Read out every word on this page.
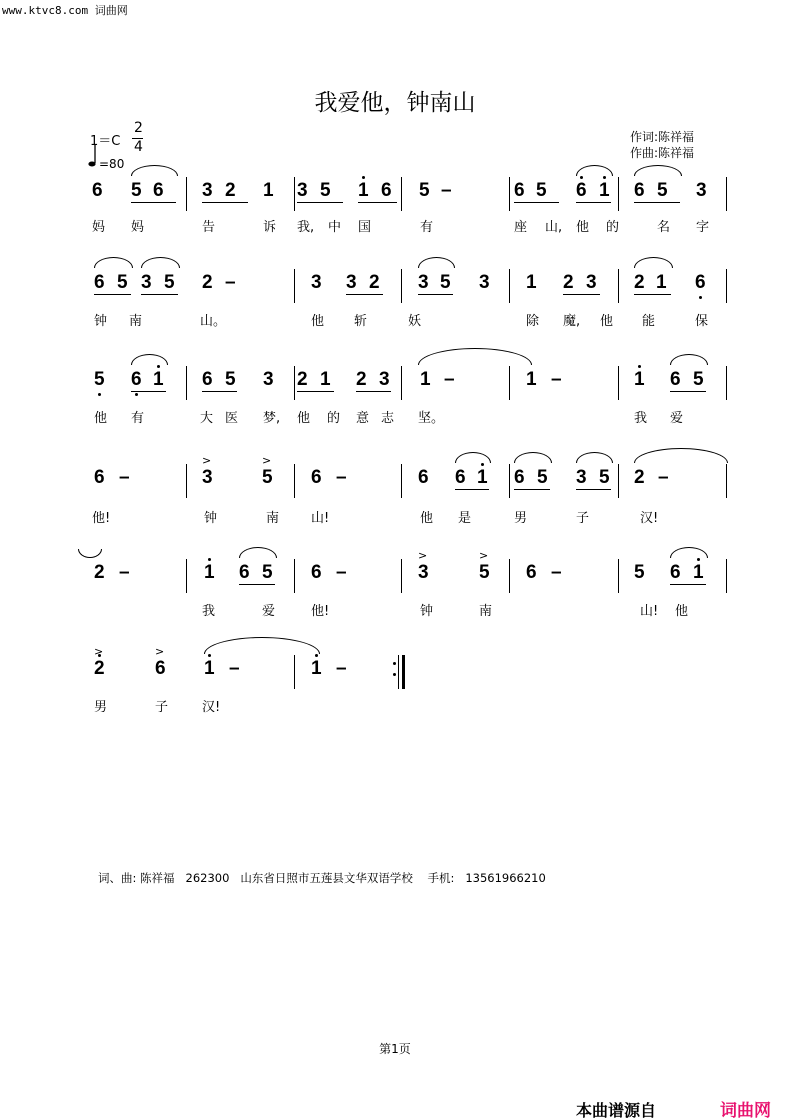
www.ktvc8.com 词曲网
我爱他，钟南山
1＝C
2
4
=80
作词:陈祥福
作曲:陈祥福
词、曲: 陈祥福   262300   山东省日照市五莲县文华双语学校    手机:   13561966210
第1页
本曲谱源自	词曲网
6 5 6 3 2 1 3 5 1 6 5 –	6 5 6 1 6 5 3
妈 妈	告	诉 我, 中 国	有	座 山, 他 的	名 字
6 5 3 5 2 –	3 3 2 3 5 3 1 2 3 2 1 6
钟 南	山。	他 斩	妖	除 魔, 他 能	保
5 6 1 6 5 3 2 1 2 3 1 –	1 –	1 6 5
他 有	大 医 梦, 他 的 意 志 坚。	我 爱
6 –	3	5 6 –	6 6 1 6 5 3 5 2 –
>	>
他!	钟	南 山!	他 是	男	子	汉!
2 –	1 6 5 6 –	3	5 6 –	5 6 1
>	>
我	爱	他!	钟	南	山! 他
2	6 1 –	1 –
>	>
男	子	汉!
